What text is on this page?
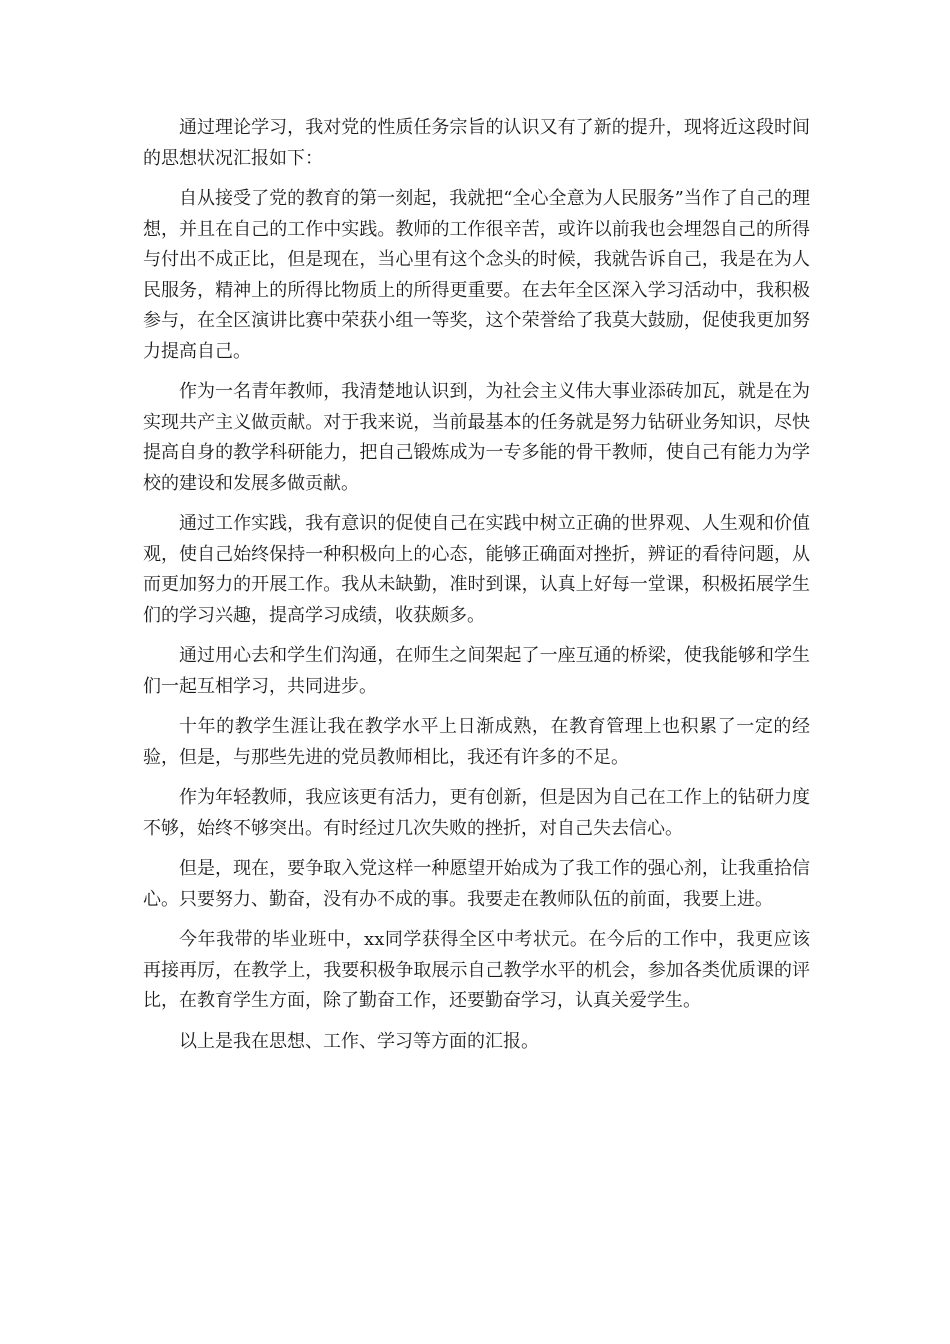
通过理论学习，我对党的性质任务宗旨的认识又有了新的提升，现将近这段时间的思想状况汇报如下：

自从接受了党的教育的第一刻起，我就把“全心全意为人民服务”当作了自己的理想，并且在自己的工作中实践。教师的工作很辛苦，或许以前我也会埋怨自己的所得与付出不成正比，但是现在，当心里有这个念头的时候，我就告诉自己，我是在为人民服务，精神上的所得比物质上的所得更重要。在去年全区深入学习活动中，我积极参与，在全区演讲比赛中荣获小组一等奖，这个荣誉给了我莫大鼓励，促使我更加努力提高自己。

作为一名青年教师，我清楚地认识到，为社会主义伟大事业添砖加瓦，就是在为实现共产主义做贡献。对于我来说，当前最基本的任务就是努力钻研业务知识，尽快提高自身的教学科研能力，把自己锻炼成为一专多能的骨干教师，使自己有能力为学校的建设和发展多做贡献。

通过工作实践，我有意识的促使自己在实践中树立正确的世界观、人生观和价值观，使自己始终保持一种积极向上的心态，能够正确面对挫折，辨证的看待问题，从而更加努力的开展工作。我从未缺勤，准时到课，认真上好每一堂课，积极拓展学生们的学习兴趣，提高学习成绩，收获颇多。

通过用心去和学生们沟通，在师生之间架起了一座互通的桥梁，使我能够和学生们一起互相学习，共同进步。

十年的教学生涯让我在教学水平上日渐成熟，在教育管理上也积累了一定的经验，但是，与那些先进的党员教师相比，我还有许多的不足。

作为年轻教师，我应该更有活力，更有创新，但是因为自己在工作上的钻研力度不够，始终不够突出。有时经过几次失败的挫折，对自己失去信心。

但是，现在，要争取入党这样一种愿望开始成为了我工作的强心剂，让我重拾信心。只要努力、勤奋，没有办不成的事。我要走在教师队伍的前面，我要上进。

今年我带的毕业班中，xx同学获得全区中考状元。在今后的工作中，我更应该再接再厉，在教学上，我要积极争取展示自己教学水平的机会，参加各类优质课的评比，在教育学生方面，除了勤奋工作，还要勤奋学习，认真关爱学生。

以上是我在思想、工作、学习等方面的汇报。
